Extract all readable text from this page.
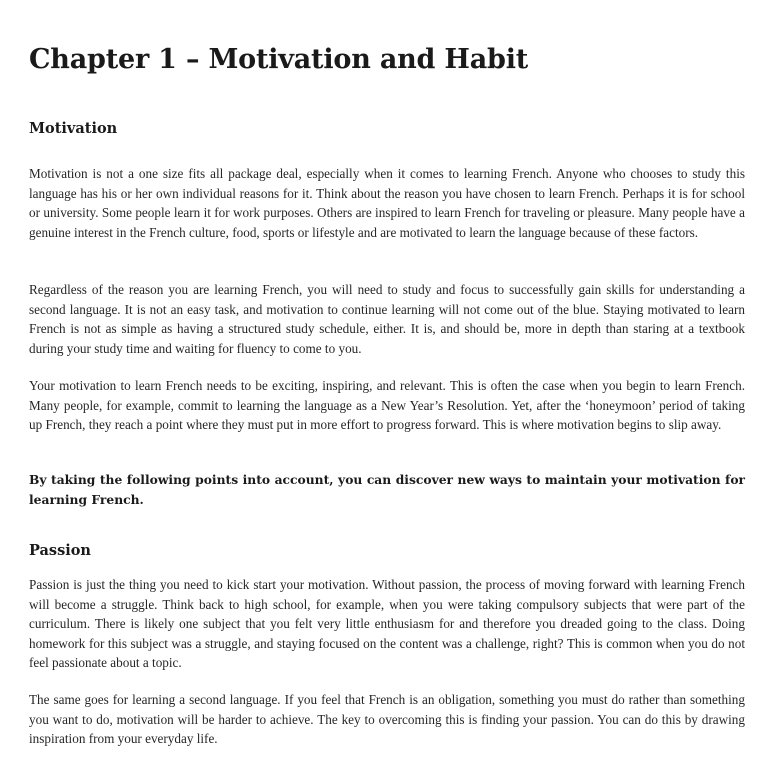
Chapter 1 – Motivation and Habit
Motivation

Motivation is not a one size fits all package deal, especially when it comes to learning French. Anyone who chooses to study this language has his or her own individual reasons for it. Think about the reason you have chosen to learn French. Perhaps it is for school or university. Some people learn it for work purposes. Others are inspired to learn French for traveling or pleasure. Many people have a genuine interest in the French culture, food, sports or lifestyle and are motivated to learn the language because of these factors.

Regardless of the reason you are learning French, you will need to study and focus to successfully gain skills for understanding a second language. It is not an easy task, and motivation to continue learning will not come out of the blue. Staying motivated to learn French is not as simple as having a structured study schedule, either. It is, and should be, more in depth than staring at a textbook during your study time and waiting for fluency to come to you.

Your motivation to learn French needs to be exciting, inspiring, and relevant. This is often the case when you begin to learn French. Many people, for example, commit to learning the language as a New Year’s Resolution. Yet, after the ‘honeymoon’ period of taking up French, they reach a point where they must put in more effort to progress forward. This is where motivation begins to slip away.

By taking the following points into account, you can discover new ways to maintain your motivation for learning French.

Passion

Passion is just the thing you need to kick start your motivation. Without passion, the process of moving forward with learning French will become a struggle. Think back to high school, for example, when you were taking compulsory subjects that were part of the curriculum. There is likely one subject that you felt very little enthusiasm for and therefore you dreaded going to the class. Doing homework for this subject was a struggle, and staying focused on the content was a challenge, right? This is common when you do not feel passionate about a topic.

The same goes for learning a second language. If you feel that French is an obligation, something you must do rather than something you want to do, motivation will be harder to achieve. The key to overcoming this is finding your passion. You can do this by drawing inspiration from your everyday life.
